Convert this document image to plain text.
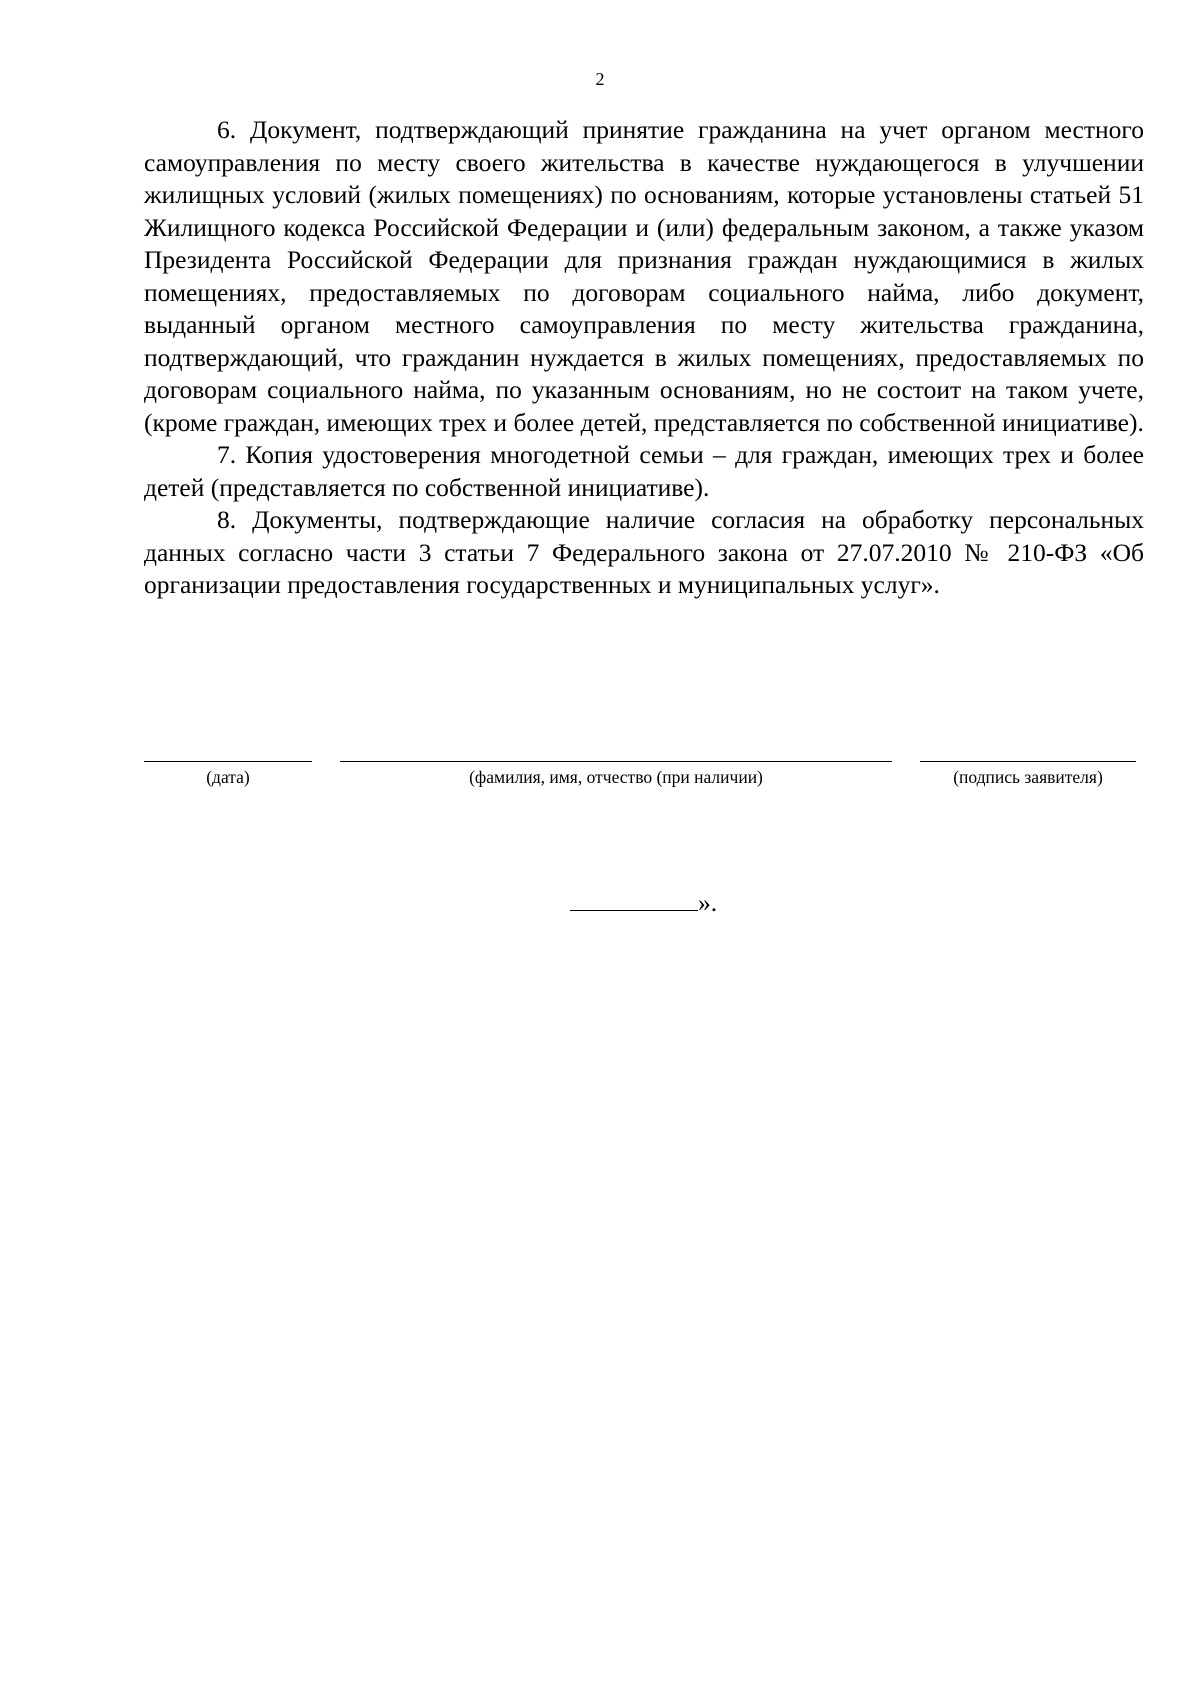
2

6. Документ, подтверждающий принятие гражданина на учет органом местного самоуправления по месту своего жительства в качестве нуждающегося в улучшении жилищных условий (жилых помещениях) по основаниям, которые установлены статьей 51 Жилищного кодекса Российской Федерации и (или) федеральным законом, а также указом Президента Российской Федерации для признания граждан нуждающимися в жилых помещениях, предоставляемых по договорам социального найма, либо документ, выданный органом местного самоуправления по месту жительства гражданина, подтверждающий, что гражданин нуждается в жилых помещениях, предоставляемых по договорам социального найма, по указанным основаниям, но не состоит на таком учете, (кроме граждан, имеющих трех и более детей, представляется по собственной инициативе).

7. Копия удостоверения многодетной семьи – для граждан, имеющих трех и более детей (представляется по собственной инициативе).

8. Документы, подтверждающие наличие согласия на обработку персональных данных согласно части 3 статьи 7 Федерального закона от 27.07.2010 № 210-ФЗ «Об организации предоставления государственных и муниципальных услуг».

(дата)	(фамилия, имя, отчество (при наличии)	(подпись заявителя)
».
